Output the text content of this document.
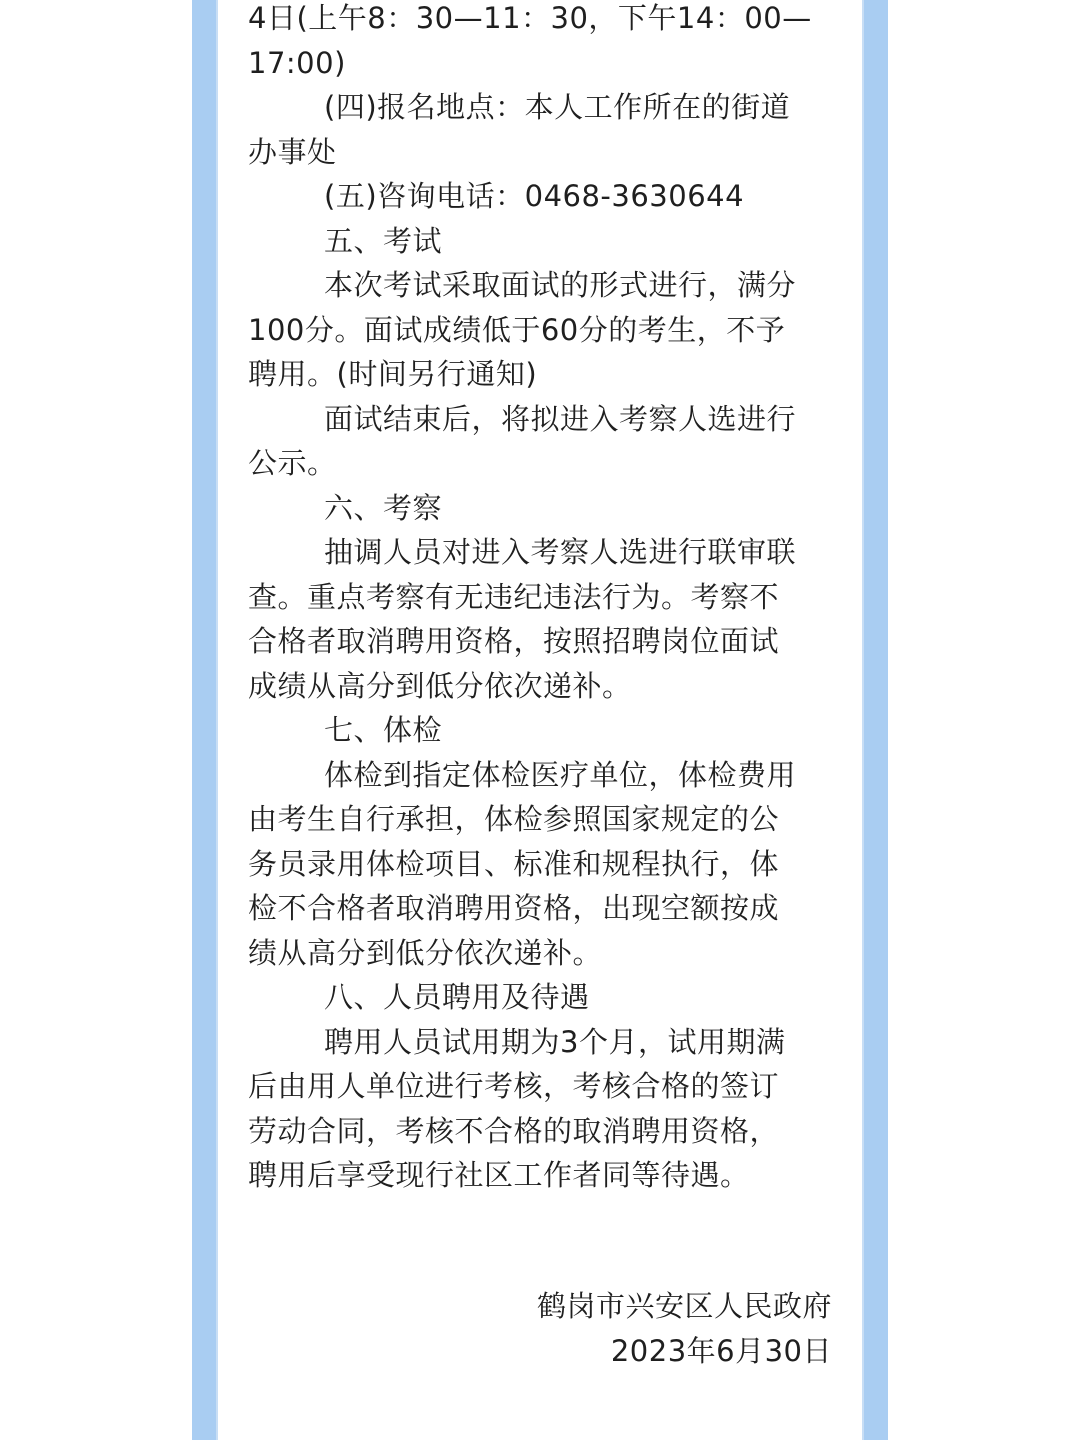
4日(上午8：30—11：30，下午14：00—
17:00)
(四)报名地点：本人工作所在的街道
办事处
(五)咨询电话：0468-3630644
五、考试
本次考试采取面试的形式进行，满分
100分。面试成绩低于60分的考生，不予
聘用。(时间另行通知)
面试结束后，将拟进入考察人选进行
公示。
六、考察
抽调人员对进入考察人选进行联审联
查。重点考察有无违纪违法行为。考察不
合格者取消聘用资格，按照招聘岗位面试
成绩从高分到低分依次递补。
七、体检
体检到指定体检医疗单位，体检费用
由考生自行承担，体检参照国家规定的公
务员录用体检项目、标准和规程执行，体
检不合格者取消聘用资格，出现空额按成
绩从高分到低分依次递补。
八、人员聘用及待遇
聘用人员试用期为3个月，试用期满
后由用人单位进行考核，考核合格的签订
劳动合同，考核不合格的取消聘用资格，
聘用后享受现行社区工作者同等待遇。
鹤岗市兴安区人民政府
2023年6月30日
